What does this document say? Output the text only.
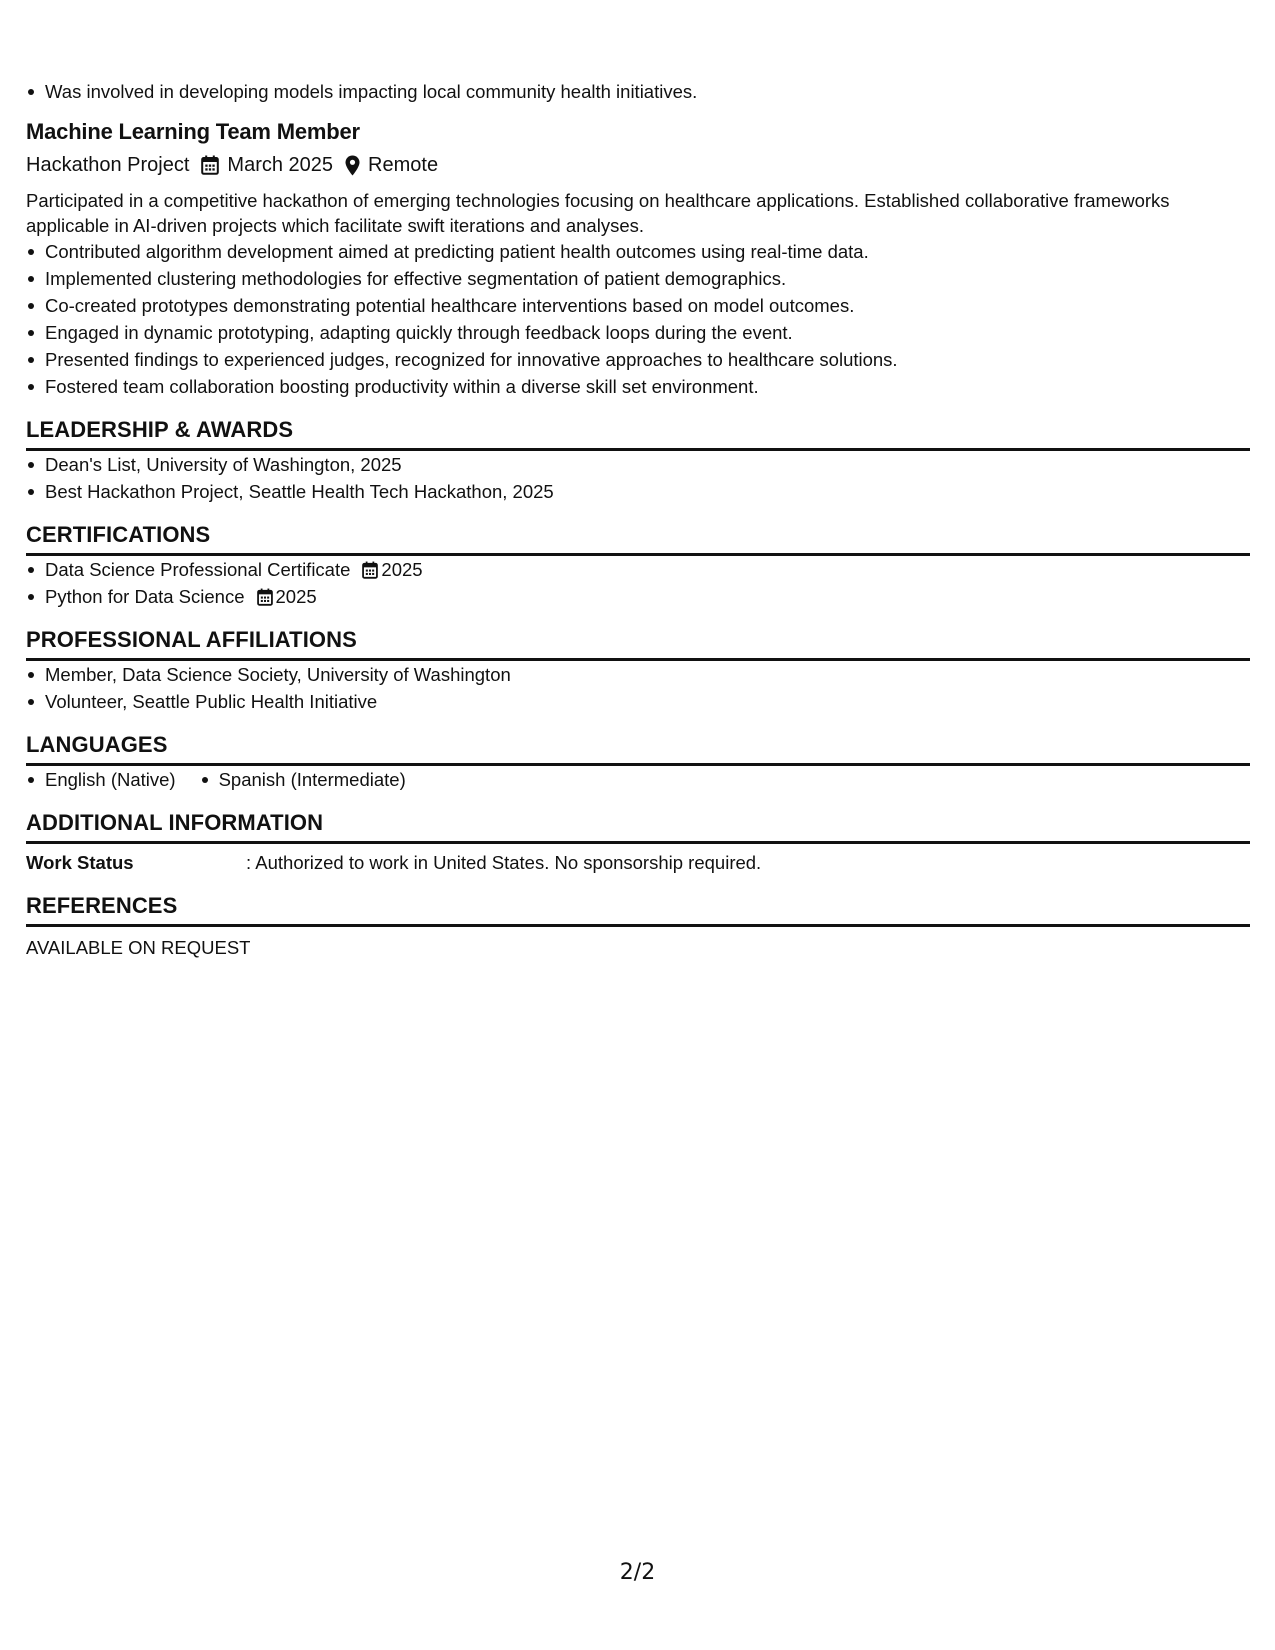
Was involved in developing models impacting local community health initiatives.
Machine Learning Team Member
Hackathon Project March 2025 Remote
Participated in a competitive hackathon of emerging technologies focusing on healthcare applications. Established collaborative frameworks applicable in AI-driven projects which facilitate swift iterations and analyses.
Contributed algorithm development aimed at predicting patient health outcomes using real-time data.
Implemented clustering methodologies for effective segmentation of patient demographics.
Co-created prototypes demonstrating potential healthcare interventions based on model outcomes.
Engaged in dynamic prototyping, adapting quickly through feedback loops during the event.
Presented findings to experienced judges, recognized for innovative approaches to healthcare solutions.
Fostered team collaboration boosting productivity within a diverse skill set environment.
LEADERSHIP & AWARDS
Dean's List, University of Washington, 2025
Best Hackathon Project, Seattle Health Tech Hackathon, 2025
CERTIFICATIONS
Data Science Professional Certificate 2025
Python for Data Science 2025
PROFESSIONAL AFFILIATIONS
Member, Data Science Society, University of Washington
Volunteer, Seattle Public Health Initiative
LANGUAGES
English (Native)	Spanish (Intermediate)
ADDITIONAL INFORMATION
Work Status	: Authorized to work in United States. No sponsorship required.
REFERENCES
AVAILABLE ON REQUEST
2/2
